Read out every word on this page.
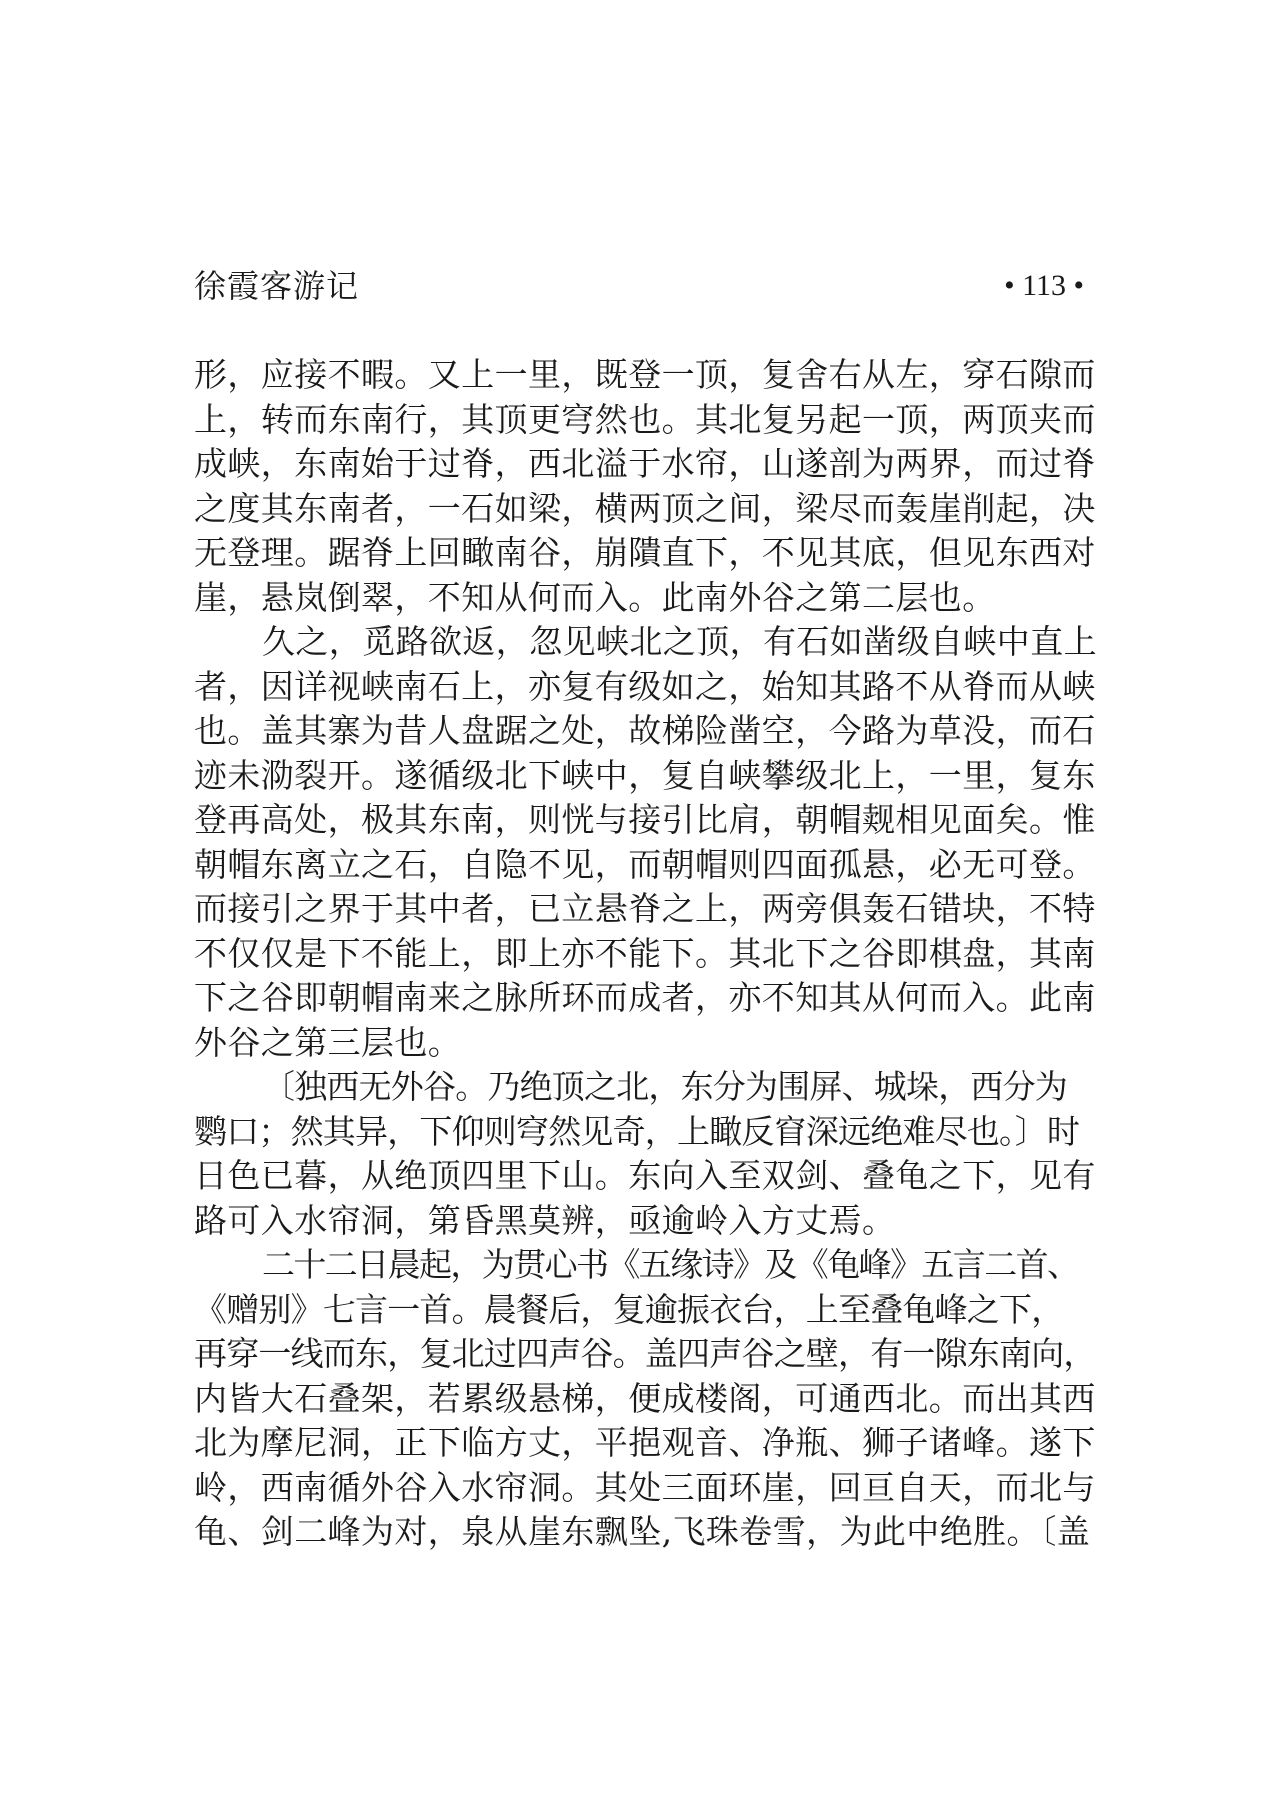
徐霞客游记	• 113 •
形，应接不暇。又上一里，既登一顶，复舍右从左，穿石隙而
上，转而东南行，其顶更穹然也。其北复另起一顶，两顶夹而
成峡，东南始于过脊，西北溢于水帘，山遂剖为两界，而过脊
之度其东南者，一石如梁，横两顶之间，梁尽而轰崖削起，决
无登理。踞脊上回瞰南谷，崩隤直下，不见其底，但见东西对
崖，悬岚倒翠，不知从何而入。此南外谷之第二层也。
久之，觅路欲返，忽见峡北之顶，有石如凿级自峡中直上
者，因详视峡南石上，亦复有级如之，始知其路不从脊而从峡
也。盖其寨为昔人盘踞之处，故梯险凿空，今路为草没，而石
迹未泐裂开。遂循级北下峡中，复自峡攀级北上，一里，复东
登再高处，极其东南，则恍与接引比肩，朝帽觌相见面矣。惟
朝帽东离立之石，自隐不见，而朝帽则四面孤悬，必无可登。
而接引之界于其中者，已立悬脊之上，两旁俱轰石错块，不特
不仅仅是下不能上，即上亦不能下。其北下之谷即棋盘，其南
下之谷即朝帽南来之脉所环而成者，亦不知其从何而入。此南
外谷之第三层也。
〔独西无外谷。乃绝顶之北，东分为围屏、城垛，西分为
鹦口；然其异，下仰则穹然见奇，上瞰反窅深远绝难尽也。〕时
日色已暮，从绝顶四里下山。东向入至双剑、叠龟之下，见有
路可入水帘洞，第昏黑莫辨，亟逾岭入方丈焉。
二十二日晨起，为贯心书《五缘诗》及《龟峰》五言二首、
《赠别》七言一首。晨餐后，复逾振衣台，上至叠龟峰之下，
再穿一线而东，复北过四声谷。盖四声谷之壁，有一隙东南向，
内皆大石叠架，若累级悬梯，便成楼阁，可通西北。而出其西
北为摩尼洞，正下临方丈，平挹观音、净瓶、狮子诸峰。遂下
岭，西南循外谷入水帘洞。其处三面环崖，回亘自天，而北与
龟、剑二峰为对，泉从崖东飘坠,飞珠卷雪，为此中绝胜。〔盖
